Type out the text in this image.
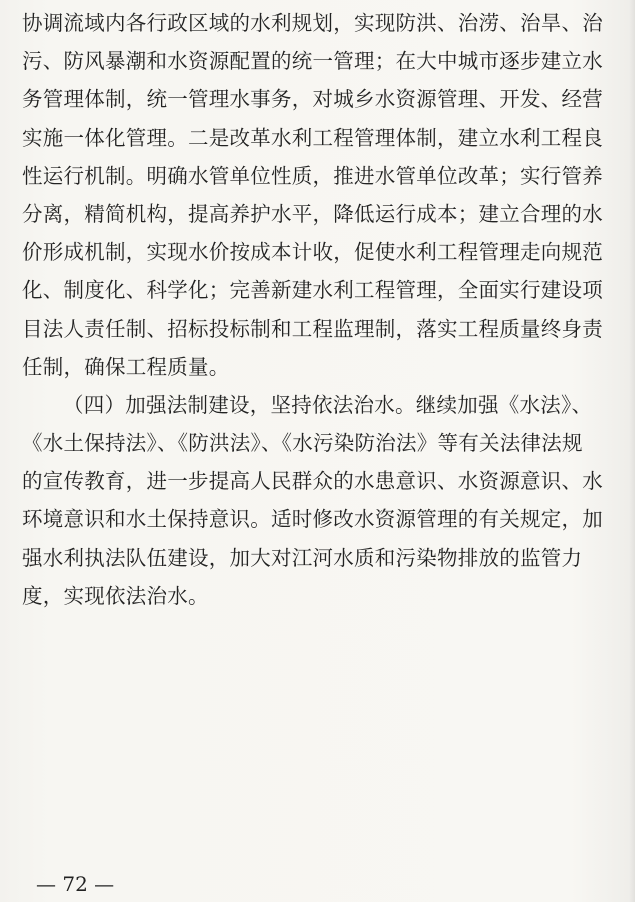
协调流域内各行政区域的水利规划，实现防洪、治涝、治旱、治
污、防风暴潮和水资源配置的统一管理；在大中城市逐步建立水
务管理体制，统一管理水事务，对城乡水资源管理、开发、经营
实施一体化管理。二是改革水利工程管理体制，建立水利工程良
性运行机制。明确水管单位性质，推进水管单位改革；实行管养
分离，精简机构，提高养护水平，降低运行成本；建立合理的水
价形成机制，实现水价按成本计收，促使水利工程管理走向规范
化、制度化、科学化；完善新建水利工程管理，全面实行建设项
目法人责任制、招标投标制和工程监理制，落实工程质量终身责
任制，确保工程质量。
（四）加强法制建设，坚持依法治水。继续加强《水法》、
《水土保持法》、《防洪法》、《水污染防治法》等有关法律法规
的宣传教育，进一步提高人民群众的水患意识、水资源意识、水
环境意识和水土保持意识。适时修改水资源管理的有关规定，加
强水利执法队伍建设，加大对江河水质和污染物排放的监管力
度，实现依法治水。
— 72 —
